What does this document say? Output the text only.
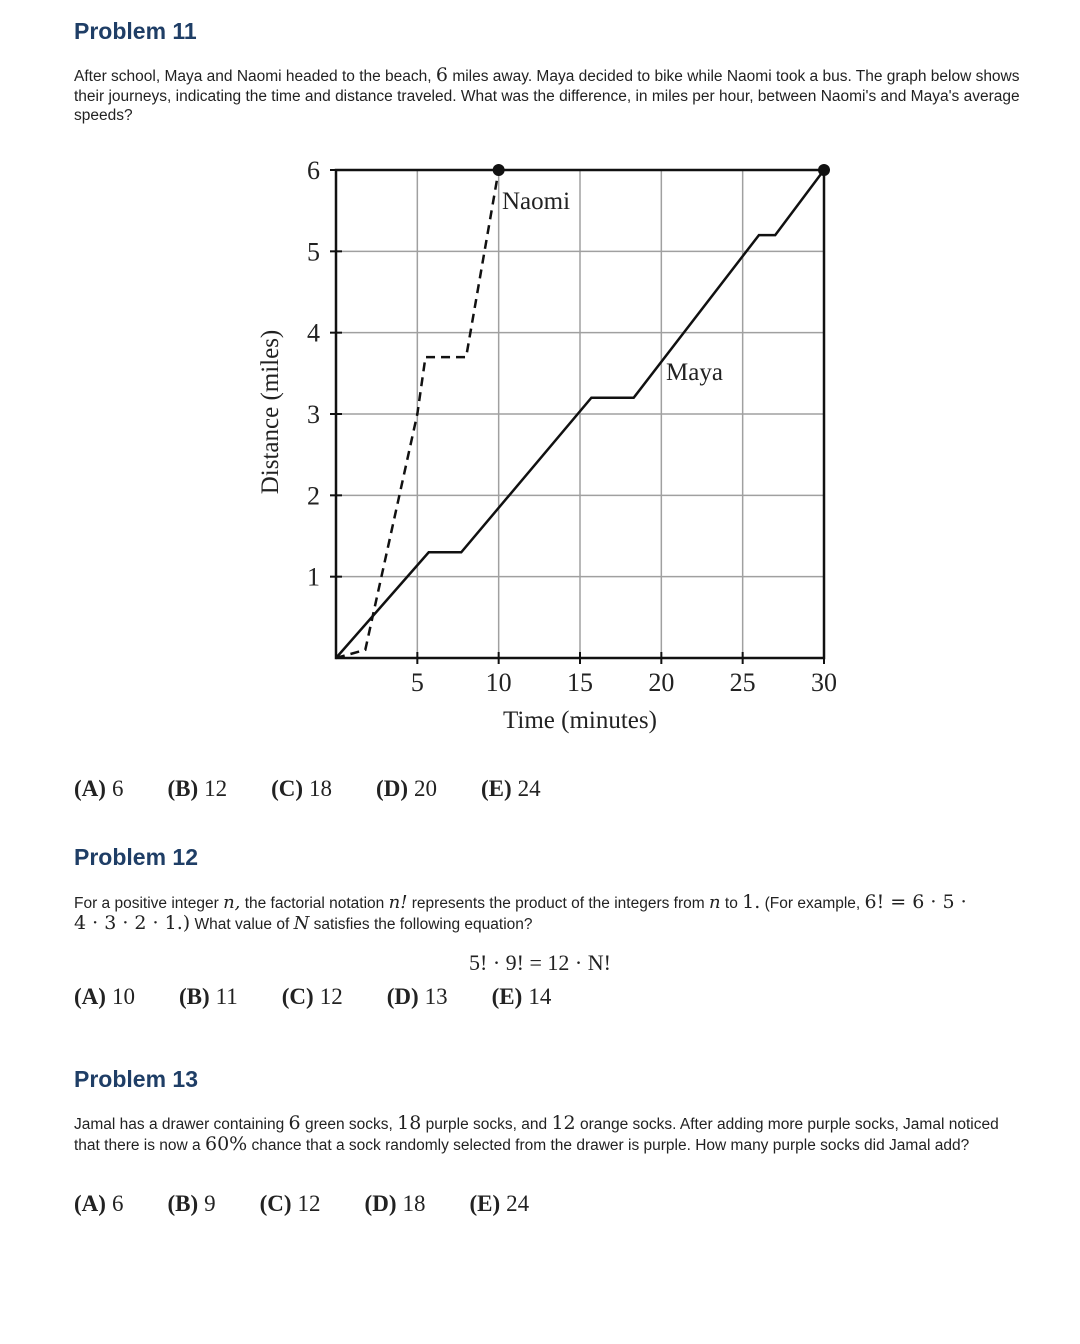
Problem 11

After school, Maya and Naomi headed to the beach, 6 miles away. Maya decided to bike while Naomi took a bus. The graph below shows their journeys, indicating the time and distance traveled. What was the difference, in miles per hour, between Naomi's and Maya's average speeds?

5 10 15 20 25 30
1
2
3
4
5
6
Naomi
Maya
Time (minutes)
Distance (miles)
(A) 6 (B) 12 (C) 18 (D) 20 (E) 24
Problem 12

For a positive integer n, the factorial notation n! represents the product of the integers from n to 1. (For example, 6! = 6 · 5 · 4 · 3 · 2 · 1.) What value of N satisfies the following equation?

5! · 9! = 12 · N!
(A) 10 (B) 11 (C) 12 (D) 13 (E) 14
Problem 13

Jamal has a drawer containing 6 green socks, 18 purple socks, and 12 orange socks. After adding more purple socks, Jamal noticed that there is now a 60% chance that a sock randomly selected from the drawer is purple. How many purple socks did Jamal add?

(A) 6 (B) 9 (C) 12 (D) 18 (E) 24
